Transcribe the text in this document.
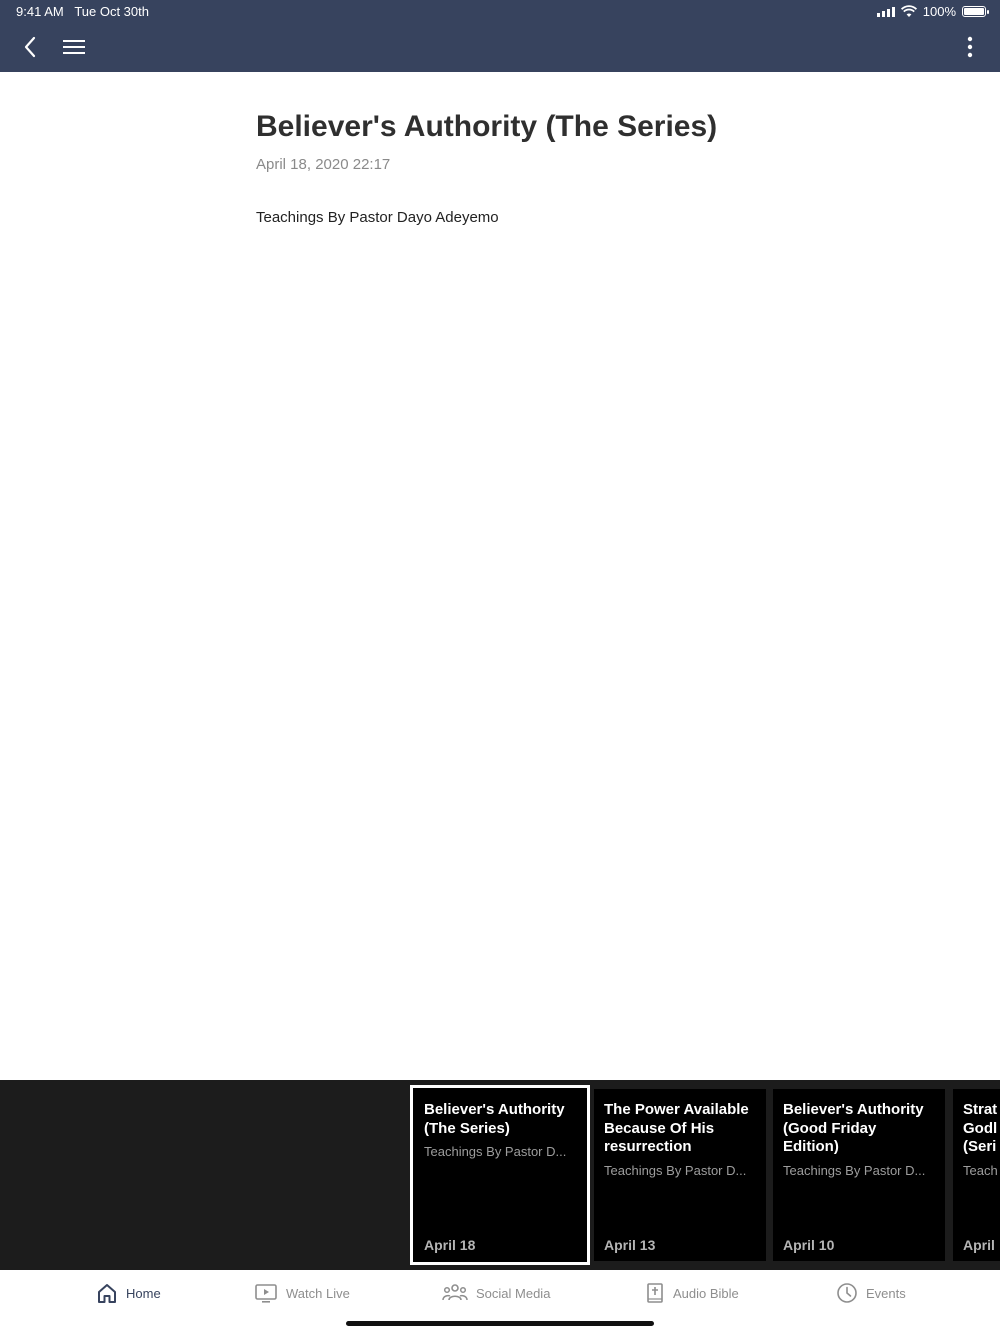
9:41 AM Tue Oct 30th	100%
Believer's Authority (The Series)
April 18, 2020 22:17
Teachings By Pastor Dayo Adeyemo
Believer's Authority (The Series)
Teachings By Pastor D...
April 18
The Power Available Because Of His resurrection
Teachings By Pastor D...
April 13
Believer's Authority (Good Friday Edition)
Teachings By Pastor D...
April 10
Strat Godl (Seri
Teach
April
Home	Watch Live	Social Media	Audio Bible	Events
